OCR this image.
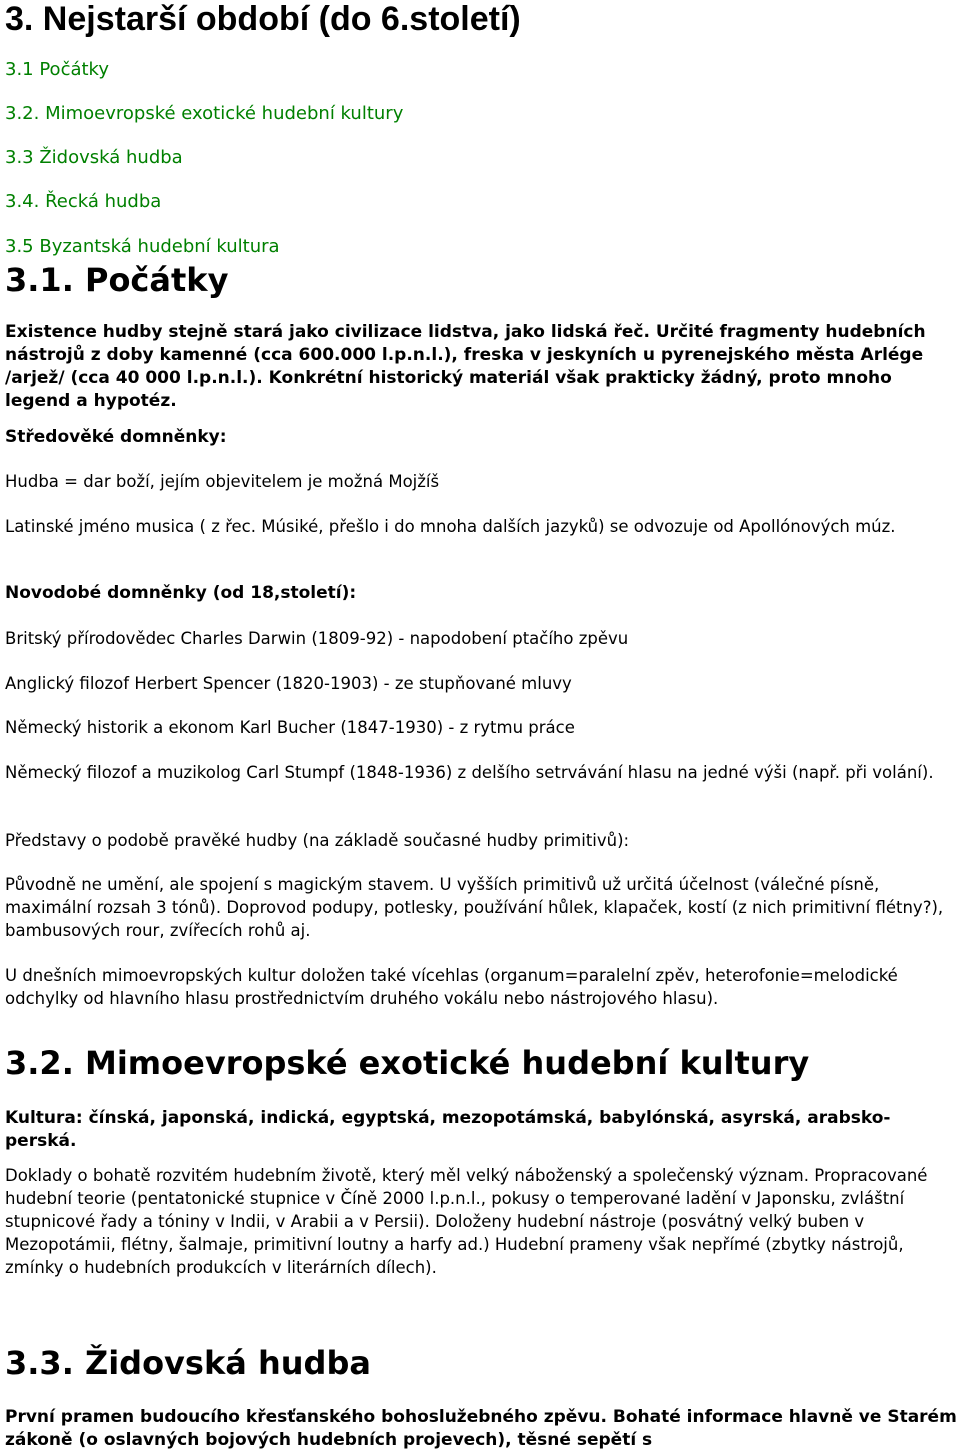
3. Nejstarší období (do 6.století)
3.1 Počátky
3.2. Mimoevropské exotické hudební kultury
3.3 Židovská hudba
3.4. Řecká hudba
3.5 Byzantská hudební kultura
3.1. Počátky
Existence hudby stejně stará jako civilizace lidstva, jako lidská řeč. Určité fragmenty hudebních nástrojů z doby kamenné (cca 600.000 l.p.n.l.), freska v jeskyních u pyrenejského města Arlége /arjež/ (cca 40 000 l.p.n.l.). Konkrétní historický materiál však prakticky žádný, proto mnoho legend a hypotéz.
Středověké domněnky:

Hudba = dar boží, jejím objevitelem je možná Mojžíš

Latinské jméno musica ( z řec. Músiké, přešlo i do mnoha dalších jazyků) se odvozuje od Apollónových múz.

Novodobé domněnky (od 18,století):

Britský přírodovědec Charles Darwin (1809-92) - napodobení ptačího zpěvu

Anglický filozof Herbert Spencer (1820-1903) - ze stupňované mluvy

Německý historik a ekonom Karl Bucher (1847-1930) - z rytmu práce

Německý filozof a muzikolog Carl Stumpf (1848-1936) z delšího setrvávání hlasu na jedné výši (např. při volání).

Představy o podobě pravěké hudby (na základě současné hudby primitivů):

Původně ne umění, ale spojení s magickým stavem. U vyšších primitivů už určitá účelnost (válečné písně, maximální rozsah 3 tónů). Doprovod podupy, potlesky, používání hůlek, klapaček, kostí (z nich primitivní flétny?), bambusových rour, zvířecích rohů aj.

U dnešních mimoevropských kultur doložen také vícehlas (organum=paralelní zpěv, heterofonie=melodické odchylky od hlavního hlasu prostřednictvím druhého vokálu nebo nástrojového hlasu).

3.2. Mimoevropské exotické hudební kultury
Kultura: čínská, japonská, indická, egyptská, mezopotámská, babylónská, asyrská, arabsko-perská.

Doklady o bohatě rozvitém hudebním životě, který měl velký náboženský a společenský význam. Propracované hudební teorie (pentatonické stupnice v Číně 2000 l.p.n.l., pokusy o temperované ladění v Japonsku, zvláštní stupnicové řady a tóniny v Indii, v Arabii a v Persii). Doloženy hudební nástroje (posvátný velký buben v Mezopotámii, flétny, šalmaje, primitivní loutny a harfy ad.) Hudební prameny však nepřímé (zbytky nástrojů, zmínky o hudebních produkcích v literárních dílech).

3.3. Židovská hudba
První pramen budoucího křesťanského bohoslužebného zpěvu. Bohaté informace hlavně ve Starém zákoně (o oslavných bojových hudebních projevech), těsné sepětí s
